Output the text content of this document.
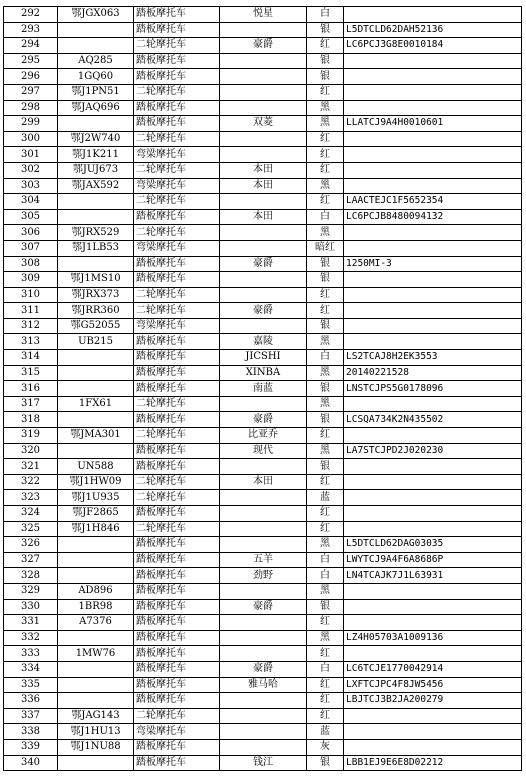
292	鄂JGX063	踏板摩托车	悦星	白	
293		踏板摩托车		银	L5DTCLD62DAH52136
294		二轮摩托车	豪爵	红	LC6PCJ3G8E0010184
295	AQ285	踏板摩托车		银	
296	1GQ60	踏板摩托车		银	
297	鄂J1PN51	二轮摩托车		红	
298	鄂JAQ696	踏板摩托车		黑	
299		踏板摩托车	双菱	黑	LLATCJ9A4H0010601
300	鄂J2W740	二轮摩托车		红	
301	鄂J1K211	弯梁摩托车		红	
302	鄂JUJ673	二轮摩托车	本田	红	
303	鄂JAX592	弯梁摩托车	本田	黑	
304		二轮摩托车		红	LAACTEJC1F5652354
305		踏板摩托车	本田	白	LC6PCJB8480094132
306	鄂JRX529	二轮摩托车		黑	
307	鄂J1LB53	弯梁摩托车		暗红	
308		踏板摩托车	豪爵	银	1250MI-3
309	鄂J1MS10	踏板摩托车		银	
310	鄂JRX373	二轮摩托车		红	
311	鄂JRR360	二轮摩托车	豪爵	红	
312	鄂G52055	弯梁摩托车		银	
313	UB215	踏板摩托车	嘉陵	黑	
314		踏板摩托车	JICSHI	白	LS2TCAJ8H2EK3553
315		踏板摩托车	XINBA	黑	20140221528
316		踏板摩托车	南蓝	银	LNSTCJPS5G0178096
317	1FX61	二轮摩托车		黑	
318		踏板摩托车	豪爵	银	LCSQA734K2N435502
319	鄂JMA301	二轮摩托车	比亚乔	红	
320		踏板摩托车	现代	黑	LA7STCJPD2J020230
321	UN588	踏板摩托车		银	
322	鄂J1HW09	二轮摩托车	本田	红	
323	鄂J1U935	二轮摩托车		蓝	
324	鄂JF2865	踏板摩托车		红	
325	鄂J1H846	二轮摩托车		红	
326		踏板摩托车		黑	L5DTCLD62DAG03035
327		踏板摩托车	五羊	白	LWYTCJ9A4F6A8686P
328		踏板摩托车	劲野	白	LN4TCAJK7J1L63931
329	AD896	踏板摩托车		黑	
330	1BR98	踏板摩托车	豪爵	银	
331	A7376	踏板摩托车		红	
332		踏板摩托车		黑	LZ4H05703A1009136
333	1MW76	踏板摩托车		红	
334		踏板摩托车	豪爵	白	LC6TCJE1770042914
335		踏板摩托车	雅马哈	红	LXFTCJPC4F8JW5456
336		踏板摩托车		红	LBJTCJ3B2JA200279
337	鄂JAG143	二轮摩托车		红	
338	鄂J1HU13	弯梁摩托车		蓝	
339	鄂J1NU88	踏板摩托车		灰	
340		踏板摩托车	钱江	银	LBB1EJ9E6E8D02212
